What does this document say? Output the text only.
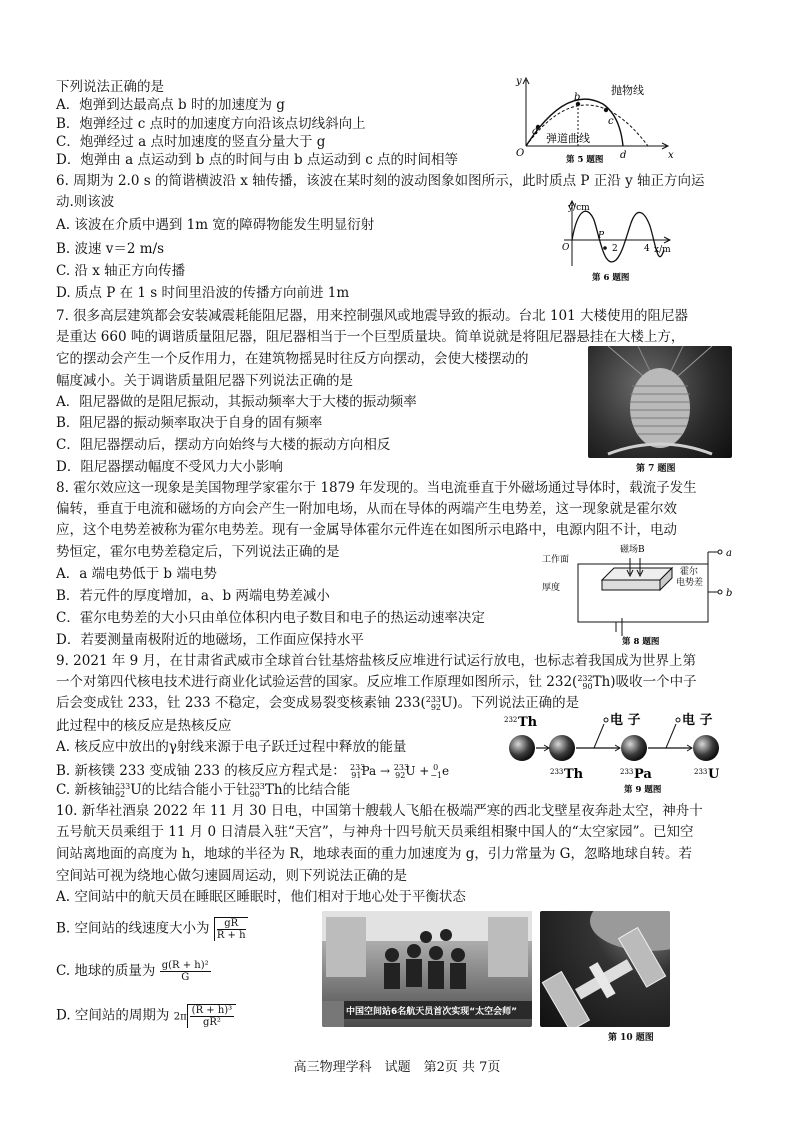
下列说法正确的是
A．炮弹到达最高点 b 时的加速度为 g
B．炮弹经过 c 点时的加速度方向沿该点切线斜向上
C．炮弹经过 a 点时加速度的竖直分量大于 g
D．炮弹由 a 点运动到 b 点的时间与由 b 点运动到 c 点的时间相等
y
x
O
a
b
c
d
抛物线
弹道曲线
第 5 题图
6. 周期为 2.0 s 的简谐横波沿 x 轴传播，该波在某时刻的波动图象如图所示，此时质点 P 正沿 y 轴正方向运
动.则该波
A. 该波在介质中遇到 1m 宽的障碍物能发生明显衍射
B. 波速 v＝2 m/s
C. 沿 x 轴正方向传播
D. 质点 P 在 1 s 时间里沿波的传播方向前进 1m
y/cm
x/m
O
P
2	4
第 6 题图
7. 很多高层建筑都会安装减震耗能阻尼器，用来控制强风或地震导致的振动。台北 101 大楼使用的阻尼器
是重达 660 吨的调谐质量阻尼器，阻尼器相当于一个巨型质量块。简单说就是将阻尼器悬挂在大楼上方，
它的摆动会产生一个反作用力，在建筑物摇晃时往反方向摆动，会使大楼摆动的
幅度减小。关于调谐质量阻尼器下列说法正确的是
A．阻尼器做的是阻尼振动，其振动频率大于大楼的振动频率
B．阻尼器的振动频率取决于自身的固有频率
C．阻尼器摆动后，摆动方向始终与大楼的振动方向相反
D．阻尼器摆动幅度不受风力大小影响	第 7 题图
8. 霍尔效应这一现象是美国物理学家霍尔于 1879 年发现的。当电流垂直于外磁场通过导体时，载流子发生
偏转，垂直于电流和磁场的方向会产生一附加电场，从而在导体的两端产生电势差，这一现象就是霍尔效
应，这个电势差被称为霍尔电势差。现有一金属导体霍尔元件连在如图所示电路中，电源内阻不计，电动
势恒定，霍尔电势差稳定后，下列说法正确的是
A．a 端电势低于 b 端电势
B．若元件的厚度增加，a、b 两端电势差减小
C．霍尔电势差的大小只由单位体积内电子数目和电子的热运动速率决定
D．若要测量南极附近的地磁场，工作面应保持水平
磁场B
工作面
厚度
霍尔
电势差
a
b
第 8 题图
9. 2021 年 9 月，在甘肃省武威市全球首台钍基熔盐核反应堆进行试运行放电，也标志着我国成为世界上第
一个对第四代核电技术进行商业化试验运营的国家。反应堆工作原理如图所示，钍 232(232
90Th)吸收一个中子
后会变成钍 233，钍 233 不稳定，会变成易裂变核素铀 233(233
92U)。下列说法正确的是
此过程中的核反应是热核反应
A. 核反应中放出的γ射线来源于电子跃迁过程中释放的能量
B. 新核镤 233 变成铀 233 的核反应方程式是： $^{233}_{91}$Pa → $^{233}_{92}$U + $^0_{-1}$e
C. 新核铀233
92 U的比结合能小于钍233
90 Th的比结合能
232 Th
233 Th	233 Pa	233 U
电 子	电 子
第 9 题图
10. 新华社酒泉 2022 年 11 月 30 日电，中国第十艘载人飞船在极端严寒的西北戈壁星夜奔赴太空，神舟十
五号航天员乘组于 11 月 0 日清晨入驻“天宫”，与神舟十四号航天员乘组相聚中国人的“太空家园”。已知空
间站离地面的高度为 h，地球的半径为 R，地球表面的重力加速度为 g，引力常量为 G，忽略地球自转。若
空间站可视为绕地心做匀速圆周运动，则下列说法正确的是
A. 空间站中的航天员在睡眠区睡眠时，他们相对于地心处于平衡状态
B. 空间站的线速度大小为 $\frac{gR}{R + h}$
C. 地球的质量为 $\frac{\text{g(R + h)²}}{G}$
D. 空间站的周期为 $2\pi \frac{\text{(R + h)³}}{\text{gR²}}$	中国空间站6名航天员首次实现“太空会师”
第 10 题图
高三物理学科　试题　第2页 共 7页
